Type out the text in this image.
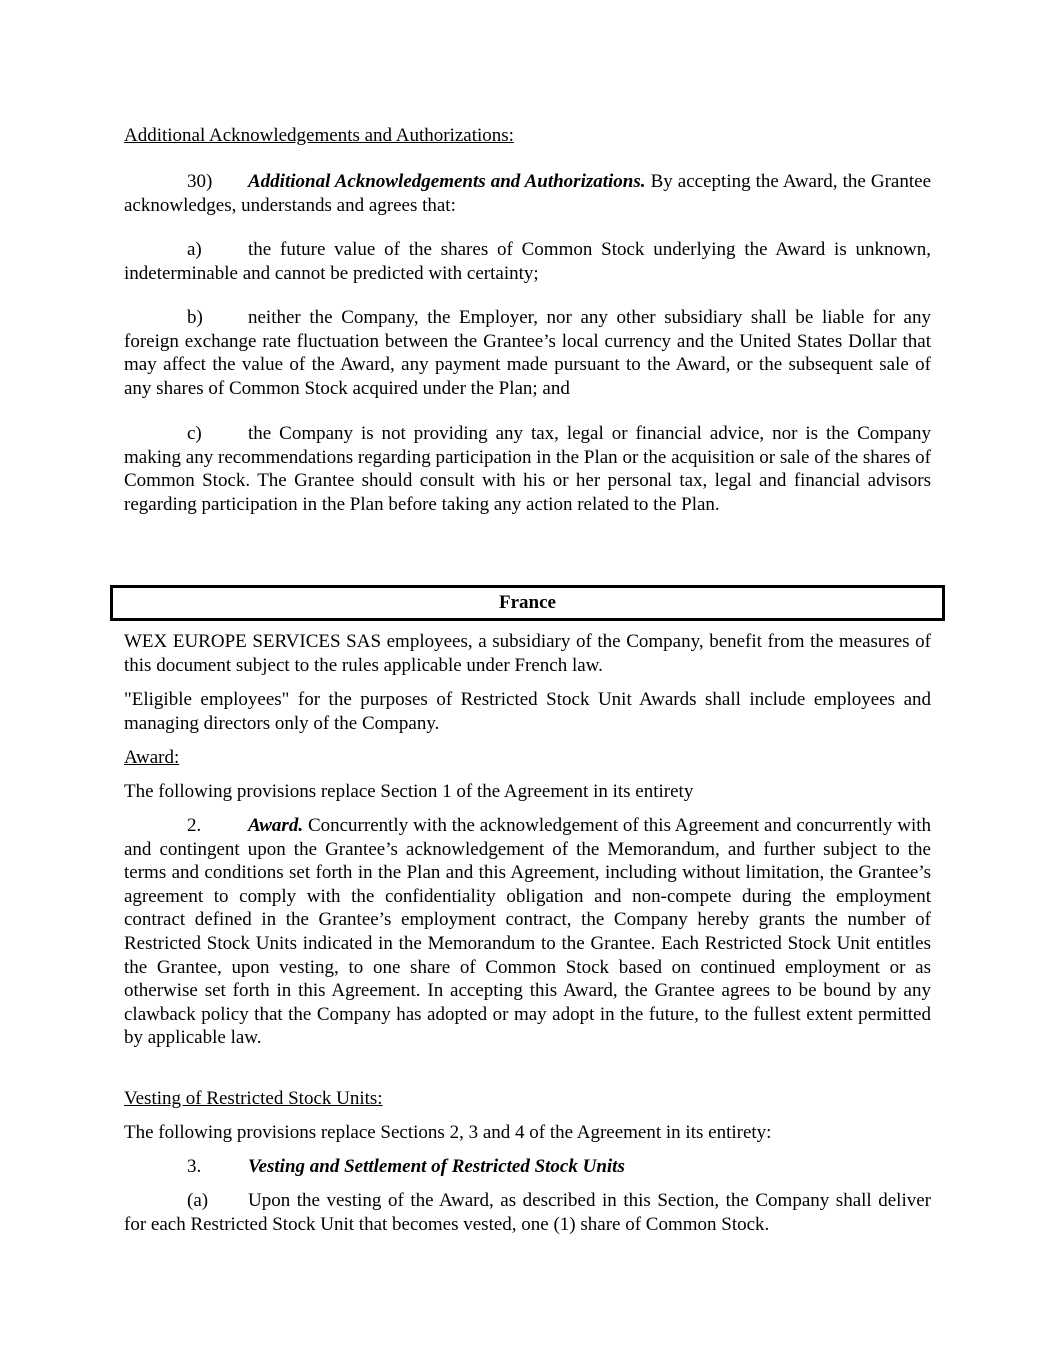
Additional Acknowledgements and Authorizations:

30) Additional Acknowledgements and Authorizations. By accepting the Award, the Grantee acknowledges, understands and agrees that:

a) the future value of the shares of Common Stock underlying the Award is unknown, indeterminable and cannot be predicted with certainty;

b) neither the Company, the Employer, nor any other subsidiary shall be liable for any foreign exchange rate fluctuation between the Grantee’s local currency and the United States Dollar that may affect the value of the Award, any payment made pursuant to the Award, or the subsequent sale of any shares of Common Stock acquired under the Plan; and

c) the Company is not providing any tax, legal or financial advice, nor is the Company making any recommendations regarding participation in the Plan or the acquisition or sale of the shares of Common Stock. The Grantee should consult with his or her personal tax, legal and financial advisors regarding participation in the Plan before taking any action related to the Plan.

France

WEX EUROPE SERVICES SAS employees, a subsidiary of the Company, benefit from the measures of this document subject to the rules applicable under French law.

"Eligible employees" for the purposes of Restricted Stock Unit Awards shall include employees and managing directors only of the Company.

Award:

The following provisions replace Section 1 of the Agreement in its entirety

2. Award. Concurrently with the acknowledgement of this Agreement and concurrently with and contingent upon the Grantee’s acknowledgement of the Memorandum, and further subject to the terms and conditions set forth in the Plan and this Agreement, including without limitation, the Grantee’s agreement to comply with the confidentiality obligation and non-compete during the employment contract defined in the Grantee’s employment contract, the Company hereby grants the number of Restricted Stock Units indicated in the Memorandum to the Grantee. Each Restricted Stock Unit entitles the Grantee, upon vesting, to one share of Common Stock based on continued employment or as otherwise set forth in this Agreement. In accepting this Award, the Grantee agrees to be bound by any clawback policy that the Company has adopted or may adopt in the future, to the fullest extent permitted by applicable law.

Vesting of Restricted Stock Units:

The following provisions replace Sections 2, 3 and 4 of the Agreement in its entirety:

3. Vesting and Settlement of Restricted Stock Units

(a) Upon the vesting of the Award, as described in this Section, the Company shall deliver for each Restricted Stock Unit that becomes vested, one (1) share of Common Stock.
